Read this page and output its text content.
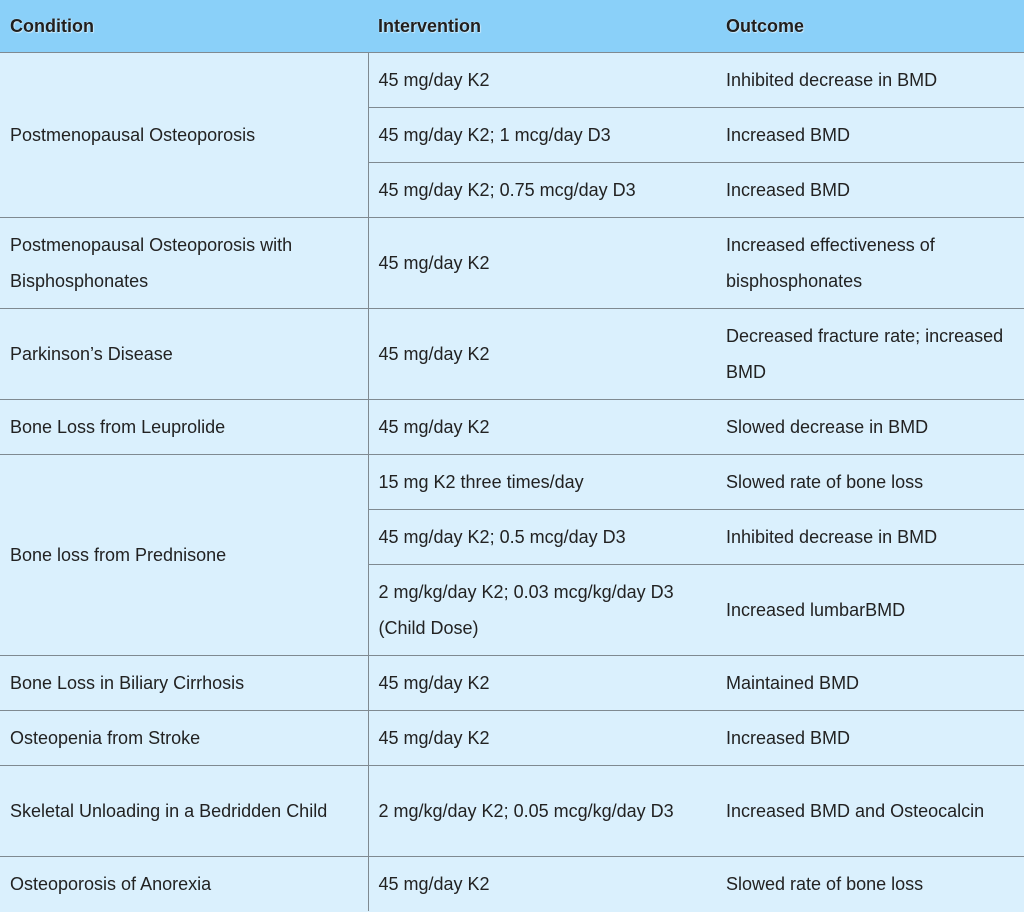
Condition	Intervention	Outcome
Postmenopausal Osteoporosis	45 mg/day K2	Inhibited decrease in BMD
	45 mg/day K2; 1 mcg/day D3	Increased BMD
	45 mg/day K2; 0.75 mcg/day D3	Increased BMD
Postmenopausal Osteoporosis with Bisphosphonates	45 mg/day K2	Increased effectiveness of bisphosphonates
Parkinson’s Disease	45 mg/day K2	Decreased fracture rate; increased BMD
Bone Loss from Leuprolide	45 mg/day K2	Slowed decrease in BMD
Bone loss from Prednisone	15 mg K2 three times/day	Slowed rate of bone loss
	45 mg/day K2; 0.5 mcg/day D3	Inhibited decrease in BMD
	2 mg/kg/day K2; 0.03 mcg/kg/day D3 (Child Dose)	Increased lumbarBMD
Bone Loss in Biliary Cirrhosis	45 mg/day K2	Maintained BMD
Osteopenia from Stroke	45 mg/day K2	Increased BMD
Skeletal Unloading in a Bedridden Child	2 mg/kg/day K2; 0.05 mcg/kg/day D3	Increased BMD and Osteocalcin
Osteoporosis of Anorexia	45 mg/day K2	Slowed rate of bone loss
